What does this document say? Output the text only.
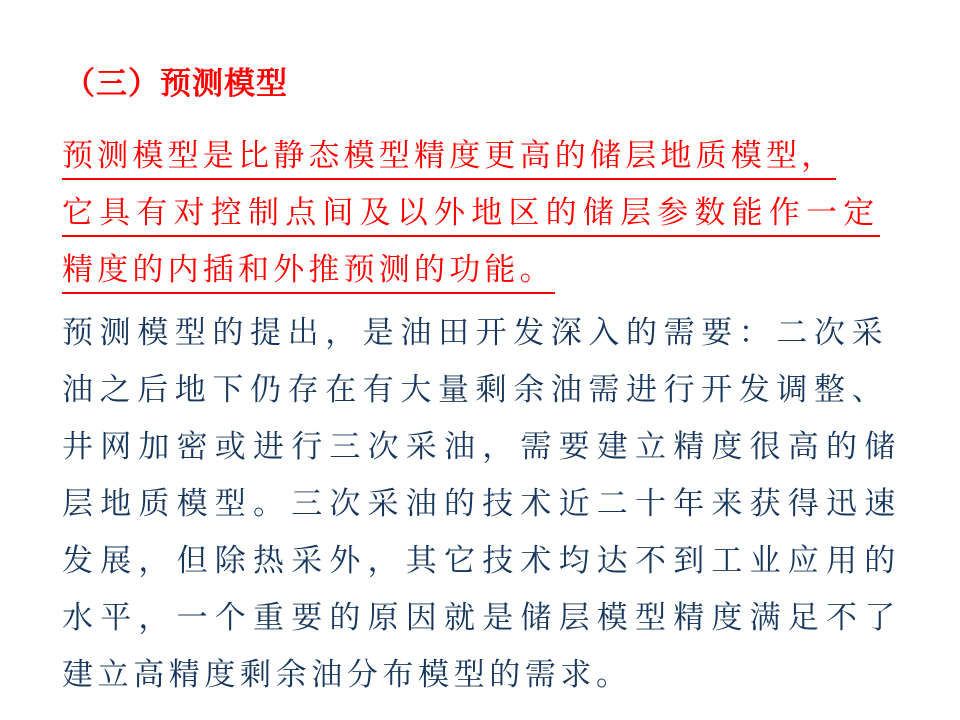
（三）预测模型
预测模型是比静态模型精度更高的储层地质模型，
它具有对控制点间及以外地区的储层参数能作一定
精度的内插和外推预测的功能。
预测模型的提出，是油田开发深入的需要：二次采
油之后地下仍存在有大量剩余油需进行开发调整、
井网加密或进行三次采油，需要建立精度很高的储
层地质模型。三次采油的技术近二十年来获得迅速
发展，但除热采外，其它技术均达不到工业应用的
水平，一个重要的原因就是储层模型精度满足不了
建立高精度剩余油分布模型的需求。
